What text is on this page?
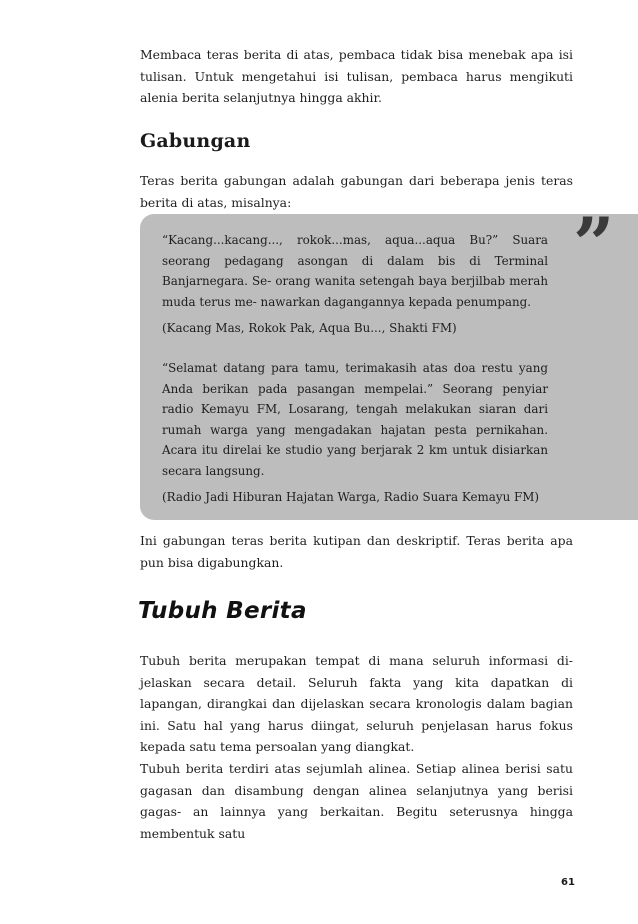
Membaca teras berita di atas, pembaca tidak bisa menebak apa isi tulisan. Untuk mengetahui isi tulisan, pembaca harus mengikuti alenia berita selanjutnya hingga akhir.

Gabungan

Teras berita gabungan adalah gabungan dari beberapa jenis teras berita di atas, misalnya:	”

“Kacang...kacang..., rokok...mas, aqua...aqua Bu?” Suara seorang pedagang asongan di dalam bis di Terminal Banjarnegara. Se- orang wanita setengah baya berjilbab merah muda terus me- nawarkan dagangannya kepada penumpang.

(Kacang Mas, Rokok Pak, Aqua Bu..., Shakti FM)

“Selamat datang para tamu, terimakasih atas doa restu yang Anda berikan pada pasangan mempelai.” Seorang penyiar radio Kemayu FM, Losarang, tengah melakukan siaran dari rumah warga yang mengadakan hajatan pesta pernikahan. Acara itu direlai ke studio yang berjarak 2 km untuk disiarkan secara langsung.

(Radio Jadi Hiburan Hajatan Warga, Radio Suara Kemayu FM)

Ini gabungan teras berita kutipan dan deskriptif. Teras berita apa pun bisa digabungkan.

Tubuh Berita

Tubuh berita merupakan tempat di mana seluruh informasi di- jelaskan secara detail. Seluruh fakta yang kita dapatkan di lapangan, dirangkai dan dijelaskan secara kronologis dalam bagian ini. Satu hal yang harus diingat, seluruh penjelasan harus fokus kepada satu tema persoalan yang diangkat.

Tubuh berita terdiri atas sejumlah alinea. Setiap alinea berisi satu gagasan dan disambung dengan alinea selanjutnya yang berisi gagas- an lainnya yang berkaitan. Begitu seterusnya hingga membentuk satu

61
